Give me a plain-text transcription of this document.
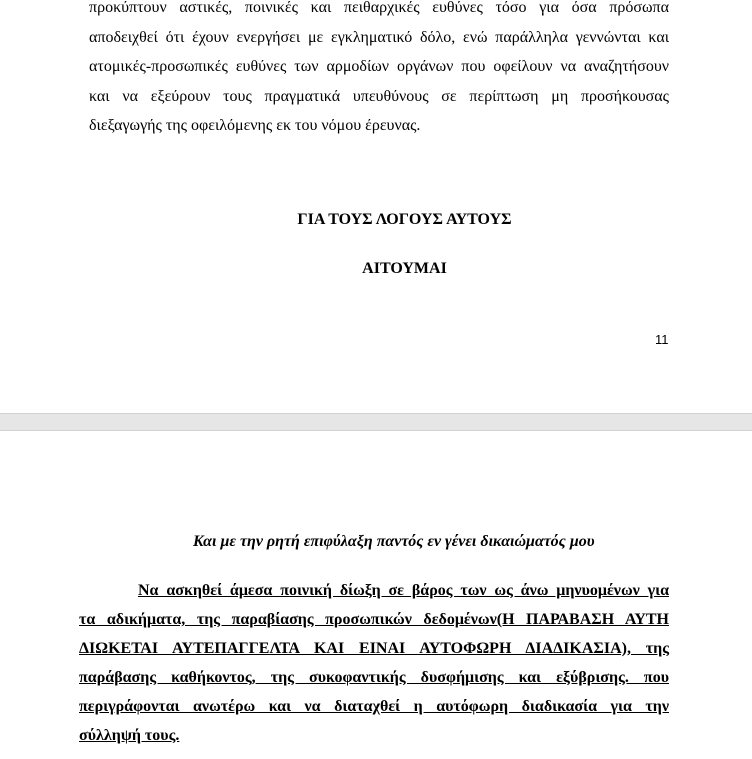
προκύπτουν αστικές, ποινικές και πειθαρχικές ευθύνες τόσο για όσα πρόσωπα
αποδειχθεί ότι έχουν ενεργήσει με εγκληματικό δόλο, ενώ παράλληλα γεννώνται και
ατομικές-προσωπικές ευθύνες των αρμοδίων οργάνων που οφείλουν να αναζητήσουν
και να εξεύρουν τους πραγματικά υπευθύνους σε περίπτωση μη προσήκουσας
διεξαγωγής της οφειλόμενης εκ του νόμου έρευνας.
ΓΙΑ ΤΟΥΣ ΛΟΓΟΥΣ ΑΥΤΟΥΣ
ΑΙΤΟΥΜΑΙ
11
Και με την ρητή επιφύλαξη παντός εν γένει δικαιώματός μου
Να ασκηθεί άμεσα ποινική δίωξη σε βάρος των ως άνω μηνυομένων για
τα αδικήματα, της παραβίασης προσωπικών δεδομένων(Η ΠΑΡΑΒΑΣΗ ΑΥΤΗ
ΔΙΩΚΕΤΑΙ ΑΥΤΕΠΑΓΓΕΛΤΑ ΚΑΙ ΕΙΝΑΙ ΑΥΤΟΦΩΡΗ ΔΙΑΔΙΚΑΣΙΑ), της
παράβασης καθήκοντος, της συκοφαντικής δυσφήμισης και εξύβρισης. που
περιγράφονται ανωτέρω και να διαταχθεί η αυτόφωρη διαδικασία για την
σύλληψή τους.
